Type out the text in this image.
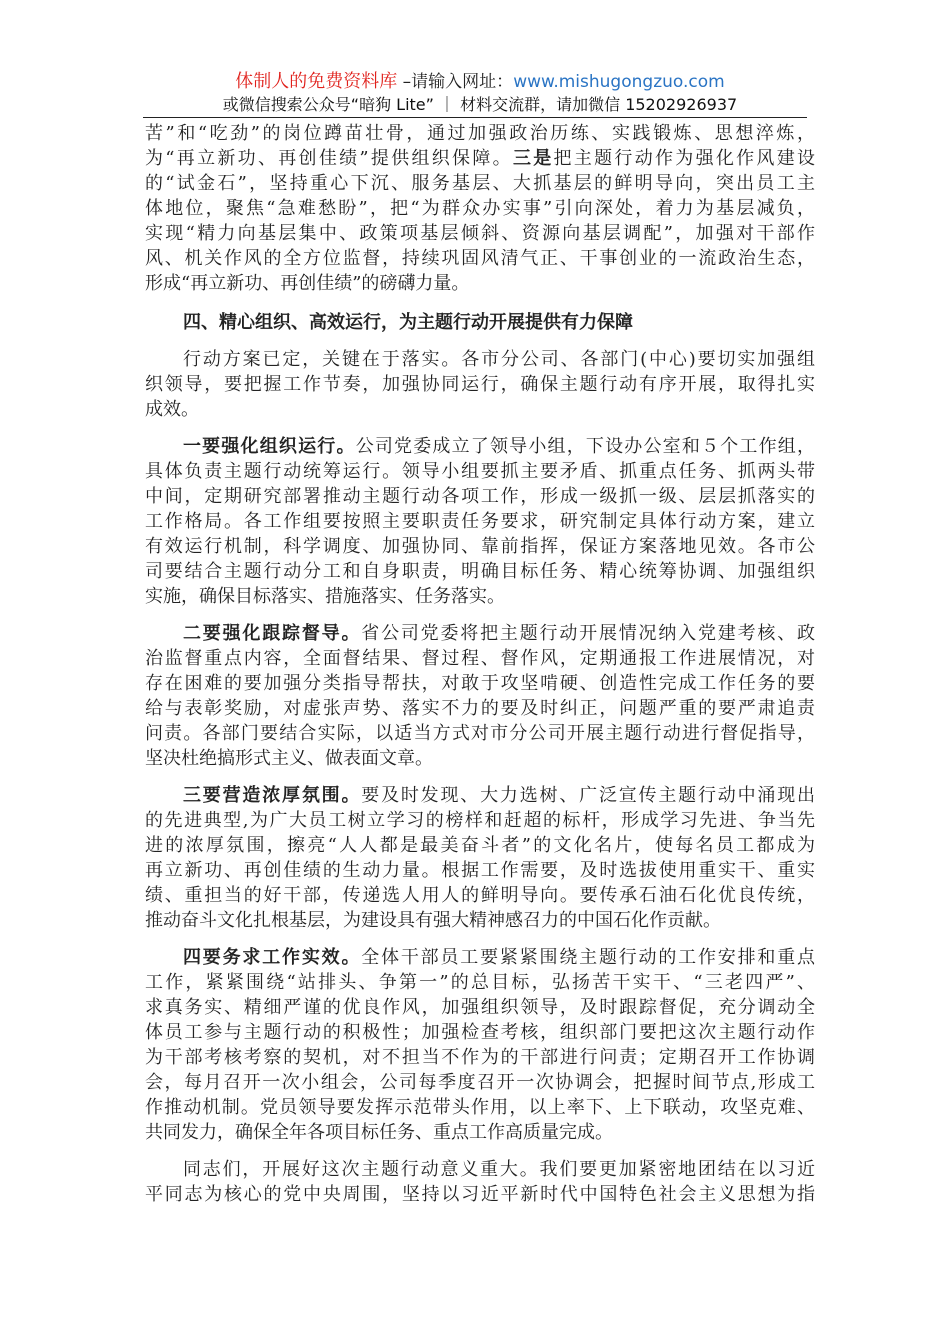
体制人的免费资料库 –请输入网址：www.mishugongzuo.com
或微信搜索公众号“暗狗 Lite” ｜ 材料交流群，请加微信 15202926937
苦”和“吃劲”的岗位蹲苗壮骨，通过加强政治历练、实践锻炼、思想淬炼，
为“再立新功、再创佳绩”提供组织保障。三是把主题行动作为强化作风建设
的“试金石”，坚持重心下沉、服务基层、大抓基层的鲜明导向，突出员工主
体地位，聚焦“急难愁盼”，把“为群众办实事”引向深处，着力为基层减负，
实现“精力向基层集中、政策项基层倾斜、资源向基层调配”，加强对干部作
风、机关作风的全方位监督，持续巩固风清气正、干事创业的一流政治生态，
形成“再立新功、再创佳绩”的磅礴力量。
四、精心组织、高效运行，为主题行动开展提供有力保障
行动方案已定，关键在于落实。各市分公司、各部门(中心)要切实加强组
织领导，要把握工作节奏，加强协同运行，确保主题行动有序开展，取得扎实
成效。
一要强化组织运行。公司党委成立了领导小组，下设办公室和５个工作组，
具体负责主题行动统筹运行。领导小组要抓主要矛盾、抓重点任务、抓两头带
中间，定期研究部署推动主题行动各项工作，形成一级抓一级、层层抓落实的
工作格局。各工作组要按照主要职责任务要求，研究制定具体行动方案，建立
有效运行机制，科学调度、加强协同、靠前指挥，保证方案落地见效。各市公
司要结合主题行动分工和自身职责，明确目标任务、精心统筹协调、加强组织
实施，确保目标落实、措施落实、任务落实。
二要强化跟踪督导。省公司党委将把主题行动开展情况纳入党建考核、政
治监督重点内容，全面督结果、督过程、督作风，定期通报工作进展情况，对
存在困难的要加强分类指导帮扶，对敢于攻坚啃硬、创造性完成工作任务的要
给与表彰奖励，对虚张声势、落实不力的要及时纠正，问题严重的要严肃追责
问责。各部门要结合实际，以适当方式对市分公司开展主题行动进行督促指导，
坚决杜绝搞形式主义、做表面文章。
三要营造浓厚氛围。要及时发现、大力选树、广泛宣传主题行动中涌现出
的先进典型,为广大员工树立学习的榜样和赶超的标杆，形成学习先进、争当先
进的浓厚氛围，擦亮“人人都是最美奋斗者”的文化名片，使每名员工都成为
再立新功、再创佳绩的生动力量。根据工作需要，及时选拔使用重实干、重实
绩、重担当的好干部，传递选人用人的鲜明导向。要传承石油石化优良传统，
推动奋斗文化扎根基层，为建设具有强大精神感召力的中国石化作贡献。
四要务求工作实效。全体干部员工要紧紧围绕主题行动的工作安排和重点
工作，紧紧围绕“站排头、争第一”的总目标，弘扬苦干实干、“三老四严”、
求真务实、精细严谨的优良作风，加强组织领导，及时跟踪督促，充分调动全
体员工参与主题行动的积极性；加强检查考核，组织部门要把这次主题行动作
为干部考核考察的契机，对不担当不作为的干部进行问责；定期召开工作协调
会，每月召开一次小组会，公司每季度召开一次协调会，把握时间节点,形成工
作推动机制。党员领导要发挥示范带头作用，以上率下、上下联动，攻坚克难、
共同发力，确保全年各项目标任务、重点工作高质量完成。
同志们，开展好这次主题行动意义重大。我们要更加紧密地团结在以习近
平同志为核心的党中央周围，坚持以习近平新时代中国特色社会主义思想为指
